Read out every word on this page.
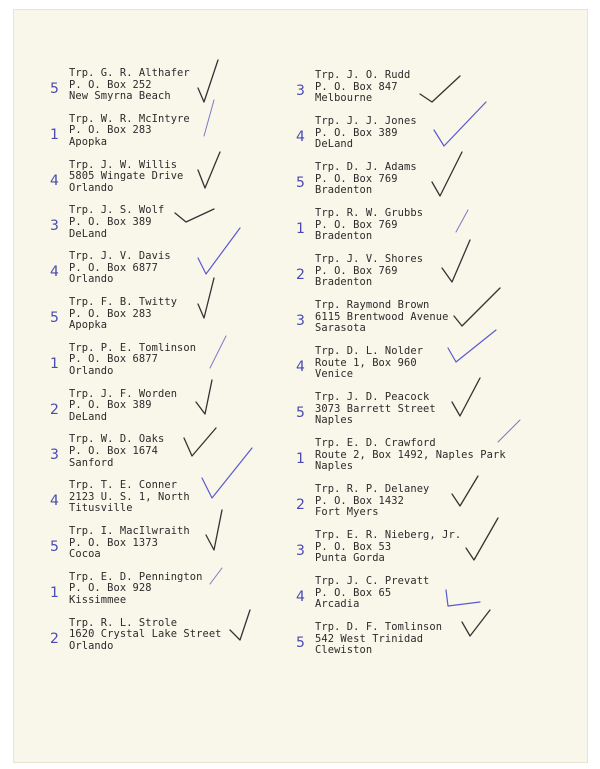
Trp. G. R. Althafer
P. O. Box 252
New Smyrna Beach
5
Trp. W. R. McIntyre
P. O. Box 283
Apopka
1
Trp. J. W. Willis
5805 Wingate Drive
Orlando
4
Trp. J. S. Wolf
P. O. Box 389
DeLand
3
Trp. J. V. Davis
P. O. Box 6877
Orlando
4
Trp. F. B. Twitty
P. O. Box 283
Apopka
5
Trp. P. E. Tomlinson
P. O. Box 6877
Orlando
1
Trp. J. F. Worden
P. O. Box 389
DeLand
2
Trp. W. D. Oaks
P. O. Box 1674
Sanford
3
Trp. T. E. Conner
2123 U. S. 1, North
Titusville
4
Trp. I. MacIlwraith
P. O. Box 1373
Cocoa
5
Trp. E. D. Pennington
P. O. Box 928
Kissimmee
1
Trp. R. L. Strole
1620 Crystal Lake Street
Orlando
2
Trp. J. O. Rudd
P. O. Box 847
Melbourne
3
Trp. J. J. Jones
P. O. Box 389
DeLand
4
Trp. D. J. Adams
P. O. Box 769
Bradenton
5
Trp. R. W. Grubbs
P. O. Box 769
Bradenton
1
Trp. J. V. Shores
P. O. Box 769
Bradenton
2
Trp. Raymond Brown
6115 Brentwood Avenue
Sarasota
3
Trp. D. L. Nolder
Route 1, Box 960
Venice
4
Trp. J. D. Peacock
3073 Barrett Street
Naples
5
Trp. E. D. Crawford
Route 2, Box 1492, Naples Park
Naples
1
Trp. R. P. Delaney
P. O. Box 1432
Fort Myers
2
Trp. E. R. Nieberg, Jr.
P. O. Box 53
Punta Gorda
3
Trp. J. C. Prevatt
P. O. Box 65
Arcadia
4
Trp. D. F. Tomlinson
542 West Trinidad
Clewiston
5
